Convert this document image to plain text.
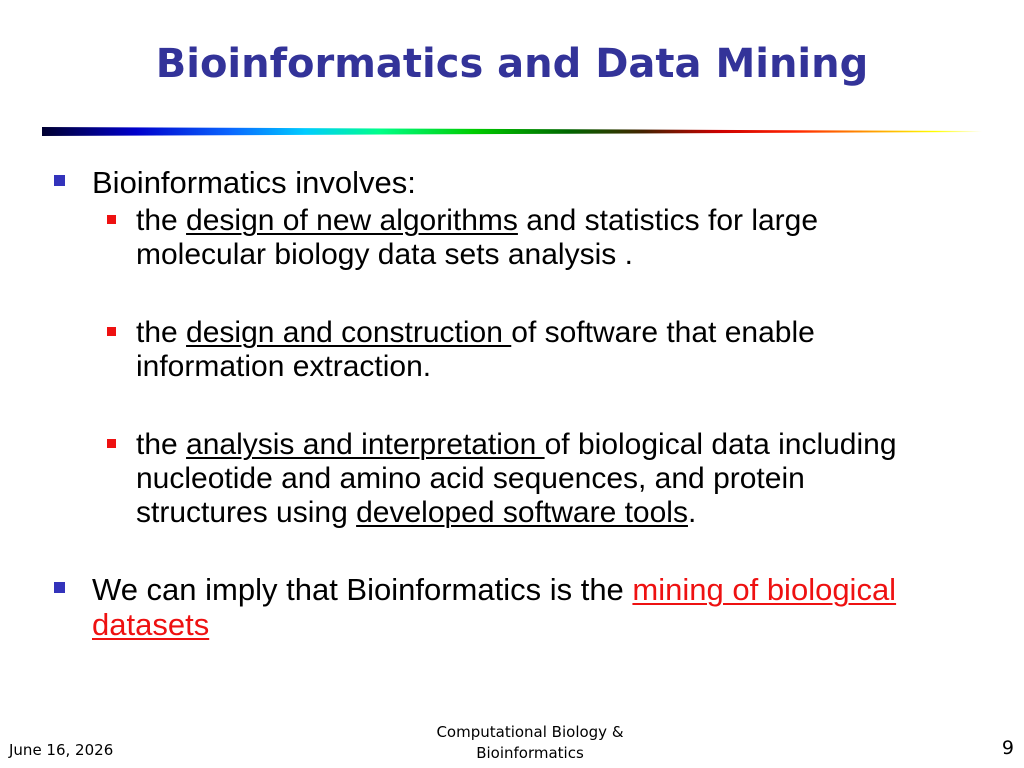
Bioinformatics and Data Mining
Bioinformatics involves:
the design of new algorithms and statistics for large molecular biology data sets analysis .
the design and construction of software that enable information extraction.
the analysis and interpretation of biological data including nucleotide and amino acid sequences, and protein structures using developed software tools.
We can imply that Bioinformatics is the mining of biological datasets
June 16, 2026
Computational Biology &
Bioinformatics	9
